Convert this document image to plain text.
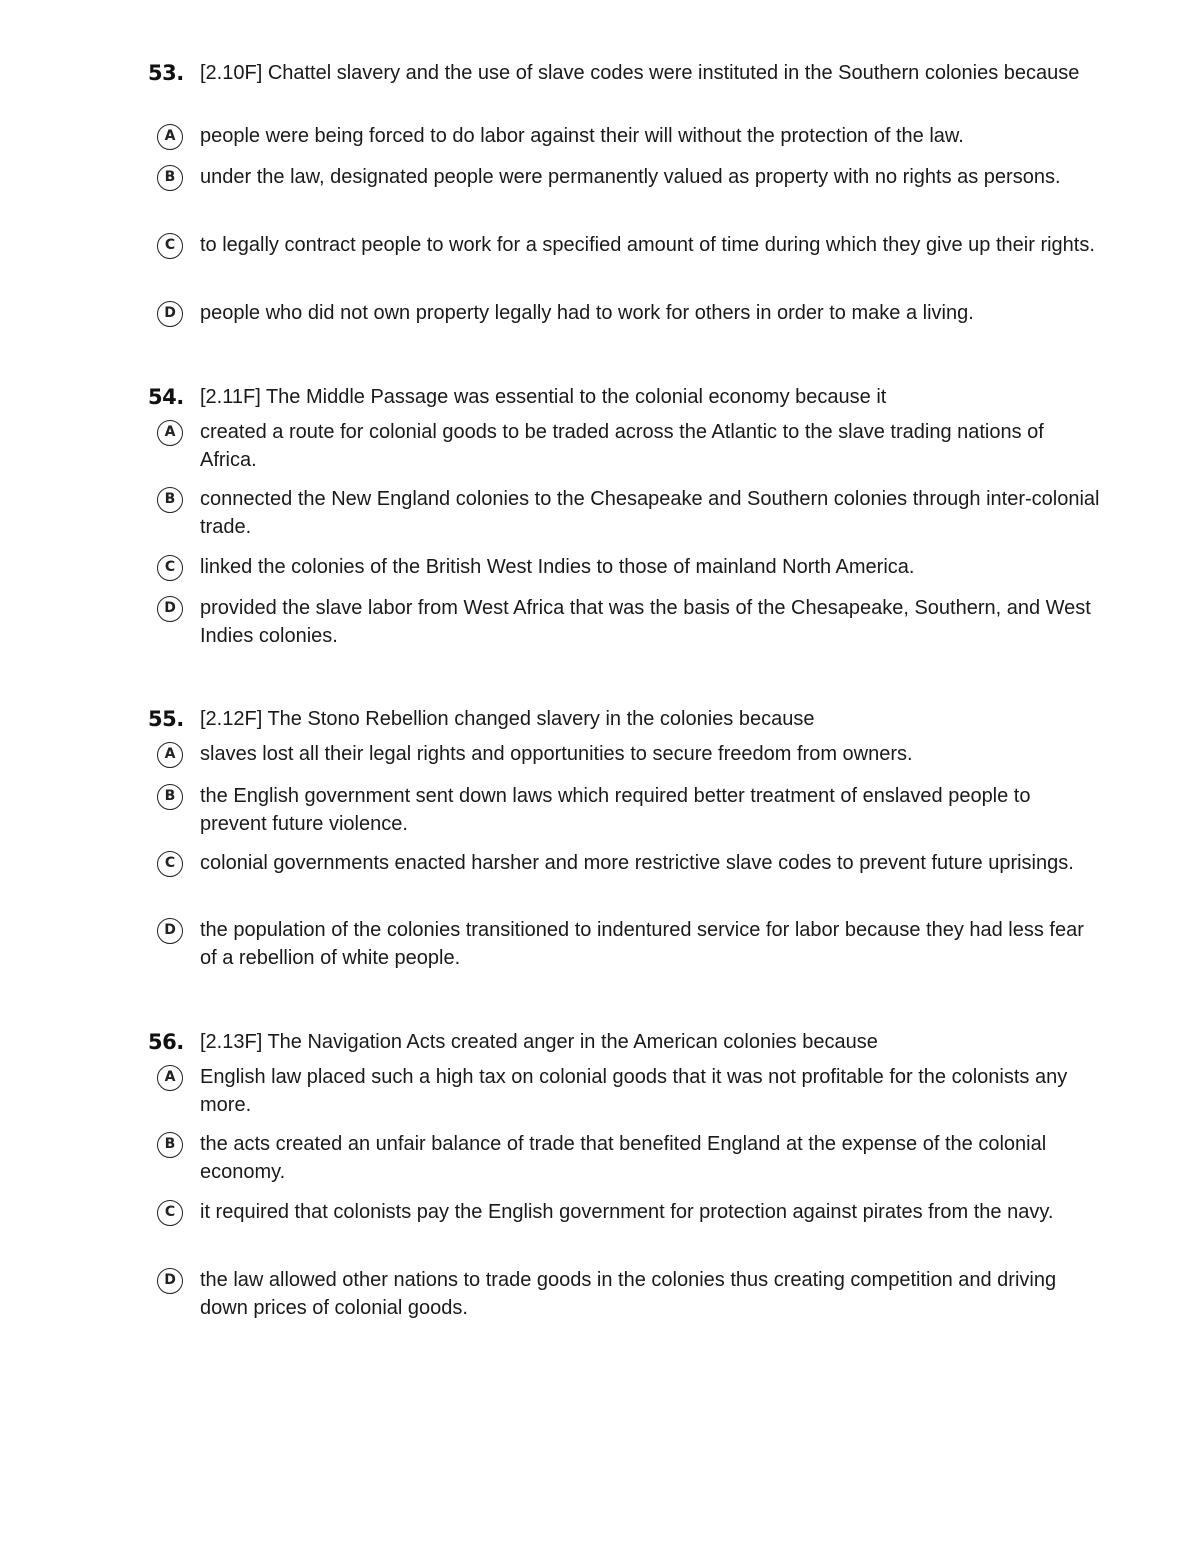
53. [2.10F] Chattel slavery and the use of slave codes were instituted in the Southern colonies because
A	people were being forced to do labor against their will without the protection of the law.
B	under the law, designated people were permanently valued as property with no rights as persons.
C	to legally contract people to work for a specified amount of time during which they give up their rights.
D	people who did not own property legally had to work for others in order to make a living.
54. [2.11F] The Middle Passage was essential to the colonial economy because it
A	created a route for colonial goods to be traded across the Atlantic to the slave trading nations of Africa.
B	connected the New England colonies to the Chesapeake and Southern colonies through inter-colonial trade.
C	linked the colonies of the British West Indies to those of mainland North America.
D	provided the slave labor from West Africa that was the basis of the Chesapeake, Southern, and West Indies colonies.
55. [2.12F] The Stono Rebellion changed slavery in the colonies because
A	slaves lost all their legal rights and opportunities to secure freedom from owners.
B	the English government sent down laws which required better treatment of enslaved people to prevent future violence.
C	colonial governments enacted harsher and more restrictive slave codes to prevent future uprisings.
D	the population of the colonies transitioned to indentured service for labor because they had less fear of a rebellion of white people.
56. [2.13F] The Navigation Acts created anger in the American colonies because
A	English law placed such a high tax on colonial goods that it was not profitable for the colonists any more.
B	the acts created an unfair balance of trade that benefited England at the expense of the colonial economy.
C	it required that colonists pay the English government for protection against pirates from the navy.
D	the law allowed other nations to trade goods in the colonies thus creating competition and driving down prices of colonial goods.
